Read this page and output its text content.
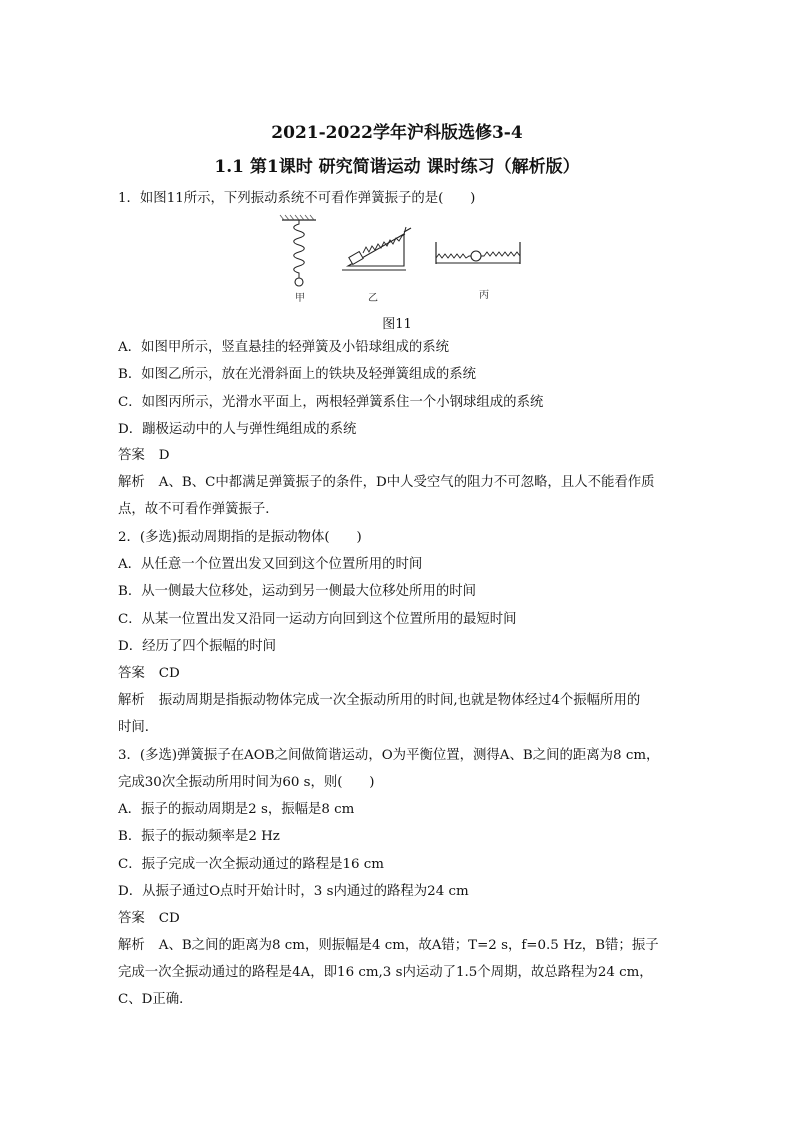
2021-2022学年沪科版选修3-4
1.1 第1课时 研究简谐运动 课时练习（解析版）
1．如图11所示，下列振动系统不可看作弹簧振子的是(　　)
甲	乙	丙
图11
A．如图甲所示，竖直悬挂的轻弹簧及小铅球组成的系统
B．如图乙所示，放在光滑斜面上的铁块及轻弹簧组成的系统
C．如图丙所示，光滑水平面上，两根轻弹簧系住一个小钢球组成的系统
D．蹦极运动中的人与弹性绳组成的系统
答案 D
解析 A、B、C中都满足弹簧振子的条件，D中人受空气的阻力不可忽略，且人不能看作质
点，故不可看作弹簧振子．
2．(多选)振动周期指的是振动物体(　　)
A．从任意一个位置出发又回到这个位置所用的时间
B．从一侧最大位移处，运动到另一侧最大位移处所用的时间
C．从某一位置出发又沿同一运动方向回到这个位置所用的最短时间
D．经历了四个振幅的时间
答案 CD
解析 振动周期是指振动物体完成一次全振动所用的时间,也就是物体经过4个振幅所用的
时间．
3．(多选)弹簧振子在AOB之间做简谐运动，O为平衡位置，测得A、B之间的距离为8 cm，
完成30次全振动所用时间为60 s，则(　　)
A．振子的振动周期是2 s，振幅是8 cm
B．振子的振动频率是2 Hz
C．振子完成一次全振动通过的路程是16 cm
D．从振子通过O点时开始计时，3 s内通过的路程为24 cm
答案 CD
解析 A、B之间的距离为8 cm，则振幅是4 cm，故A错；T=2 s，f=0.5 Hz，B错；振子
完成一次全振动通过的路程是4A，即16 cm,3 s内运动了1.5个周期，故总路程为24 cm，
C、D正确．
